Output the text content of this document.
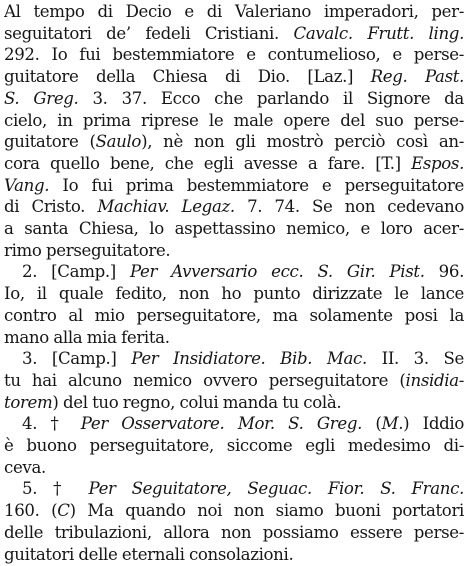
Al tempo di Decio e di Valeriano imperadori, per-
seguitatori de’ fedeli Cristiani. Cavalc. Frutt. ling.
292. Io fui bestemmiatore e contumelioso, e perse-
guitatore della Chiesa di Dio. [Laz.] Reg. Past.
S. Greg. 3. 37. Ecco che parlando il Signore da
cielo, in prima riprese le male opere del suo perse-
guitatore (Saulo), nè non gli mostrò perciò così an-
cora quello bene, che egli avesse a fare. [T.] Espos.
Vang. Io fui prima bestemmiatore e perseguitatore
di Cristo. Machiav. Legaz. 7. 74. Se non cedevano
a santa Chiesa, lo aspettassino nemico, e loro acer-
rimo perseguitatore.
2. [Camp.] Per Avversario ecc. S. Gir. Pist. 96.
Io, il quale fedito, non ho punto dirizzate le lance
contro al mio perseguitatore, ma solamente posi la
mano alla mia ferita.
3. [Camp.] Per Insidiatore. Bib. Mac. II. 3. Se
tu hai alcuno nemico ovvero perseguitatore (insidia-
torem) del tuo regno, colui manda tu colà.
4. † Per Osservatore. Mor. S. Greg. (M.) Iddio
è buono perseguitatore, siccome egli medesimo di-
ceva.
5. † Per Seguitatore, Seguac. Fior. S. Franc.
160. (C) Ma quando noi non siamo buoni portatori
delle tribulazioni, allora non possiamo essere perse-
guitatori delle eternali consolazioni.
